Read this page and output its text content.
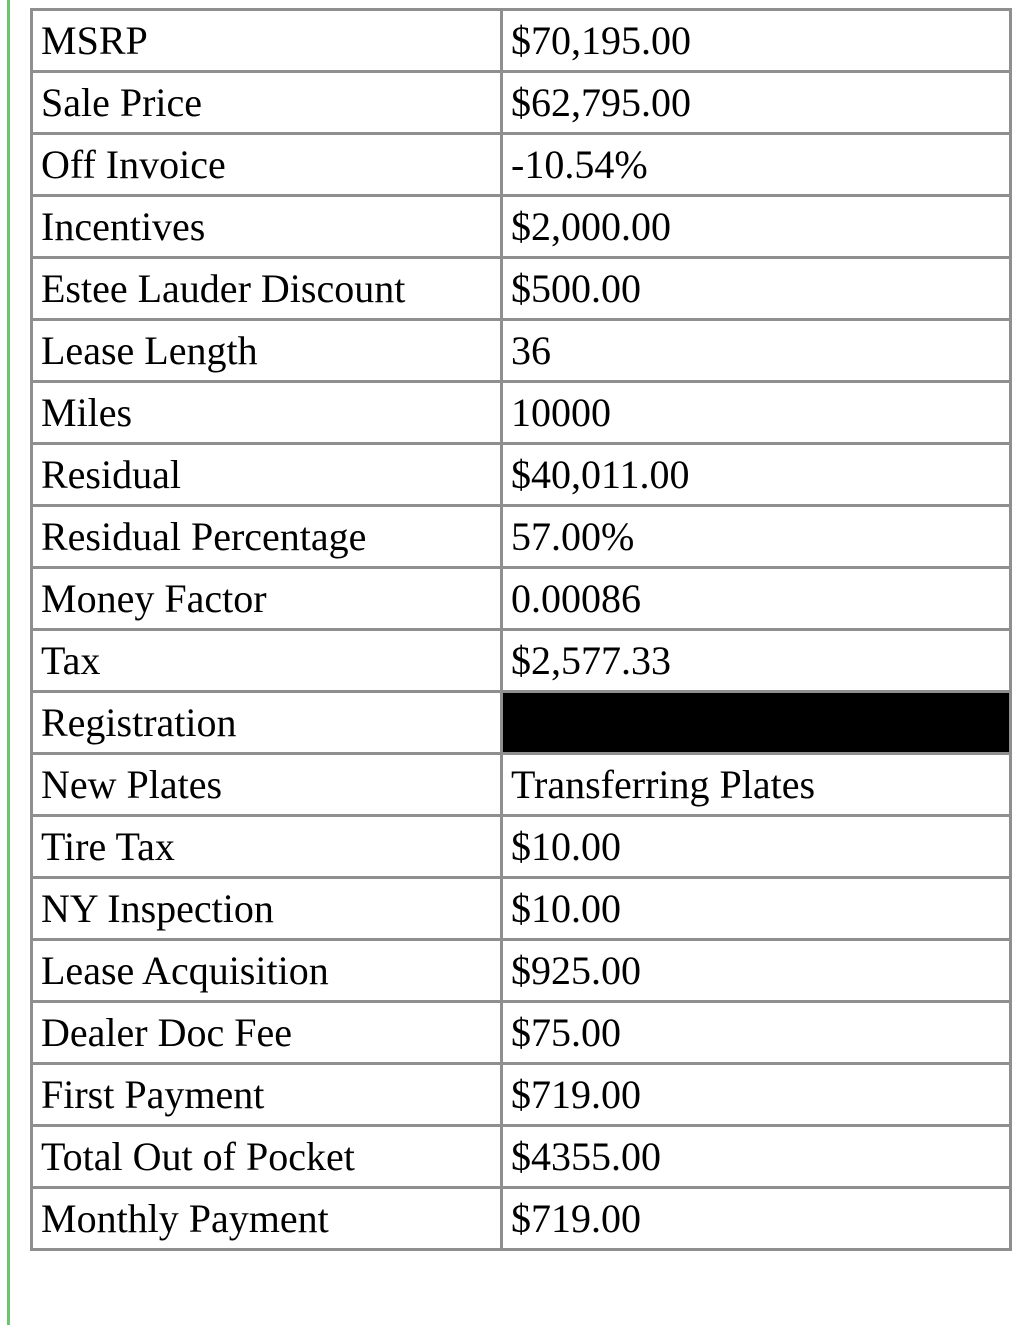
MSRP	$70,195.00
Sale Price	$62,795.00
Off Invoice	-10.54%
Incentives	$2,000.00
Estee Lauder Discount	$500.00
Lease Length	36
Miles	10000
Residual	$40,011.00
Residual Percentage	57.00%
Money Factor	0.00086
Tax	$2,577.33
Registration	
New Plates	Transferring Plates
Tire Tax	$10.00
NY Inspection	$10.00
Lease Acquisition	$925.00
Dealer Doc Fee	$75.00
First Payment	$719.00
Total Out of Pocket	$4355.00
Monthly Payment	$719.00
